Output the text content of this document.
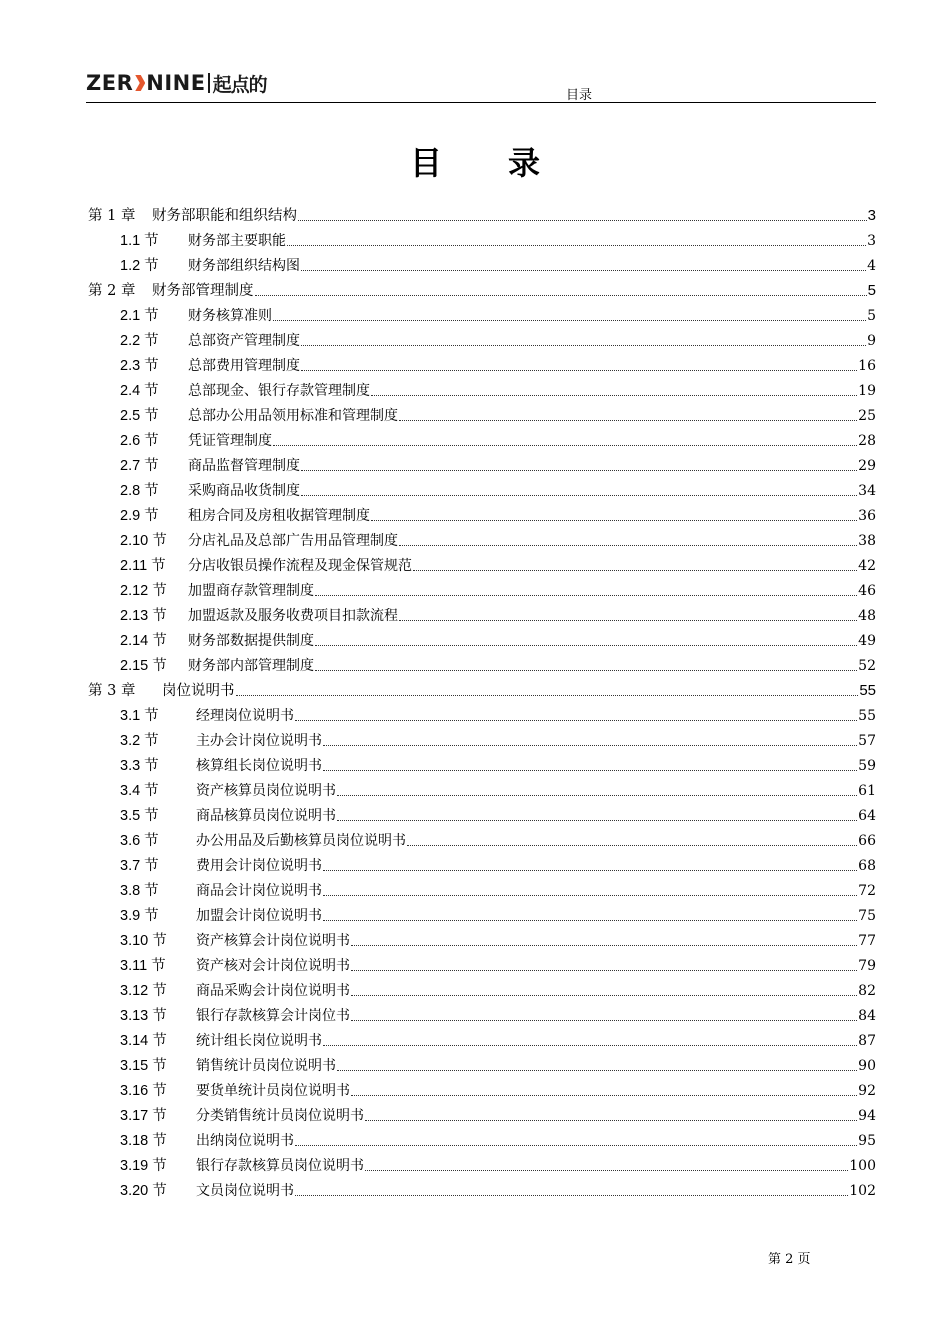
ZER NINE 起点的	目录
目录
第 1 章	财务部职能和组织结构	3
1.1 节	财务部主要职能	3
1.2 节	财务部组织结构图	4
第 2 章	财务部管理制度	5
2.1 节	财务核算准则	5
2.2 节	总部资产管理制度	9
2.3 节	总部费用管理制度	16
2.4 节	总部现金、银行存款管理制度	19
2.5 节	总部办公用品领用标准和管理制度	25
2.6 节	凭证管理制度	28
2.7 节	商品监督管理制度	29
2.8 节	采购商品收货制度	34
2.9 节	租房合同及房租收据管理制度	36
2.10 节	分店礼品及总部广告用品管理制度	38
2.11 节	分店收银员操作流程及现金保管规范	42
2.12 节	加盟商存款管理制度	46
2.13 节	加盟返款及服务收费项目扣款流程	48
2.14 节	财务部数据提供制度	49
2.15 节	财务部内部管理制度	52
第 3 章	岗位说明书	55
3.1 节	经理岗位说明书	55
3.2 节	主办会计岗位说明书	57
3.3 节	核算组长岗位说明书	59
3.4 节	资产核算员岗位说明书	61
3.5 节	商品核算员岗位说明书	64
3.6 节	办公用品及后勤核算员岗位说明书	66
3.7 节	费用会计岗位说明书	68
3.8 节	商品会计岗位说明书	72
3.9 节	加盟会计岗位说明书	75
3.10 节	资产核算会计岗位说明书	77
3.11 节	资产核对会计岗位说明书	79
3.12 节	商品采购会计岗位说明书	82
3.13 节	银行存款核算会计岗位书	84
3.14 节	统计组长岗位说明书	87
3.15 节	销售统计员岗位说明书	90
3.16 节	要货单统计员岗位说明书	92
3.17 节	分类销售统计员岗位说明书	94
3.18 节	出纳岗位说明书	95
3.19 节	银行存款核算员岗位说明书	100
3.20 节	文员岗位说明书	102
第 2 页
